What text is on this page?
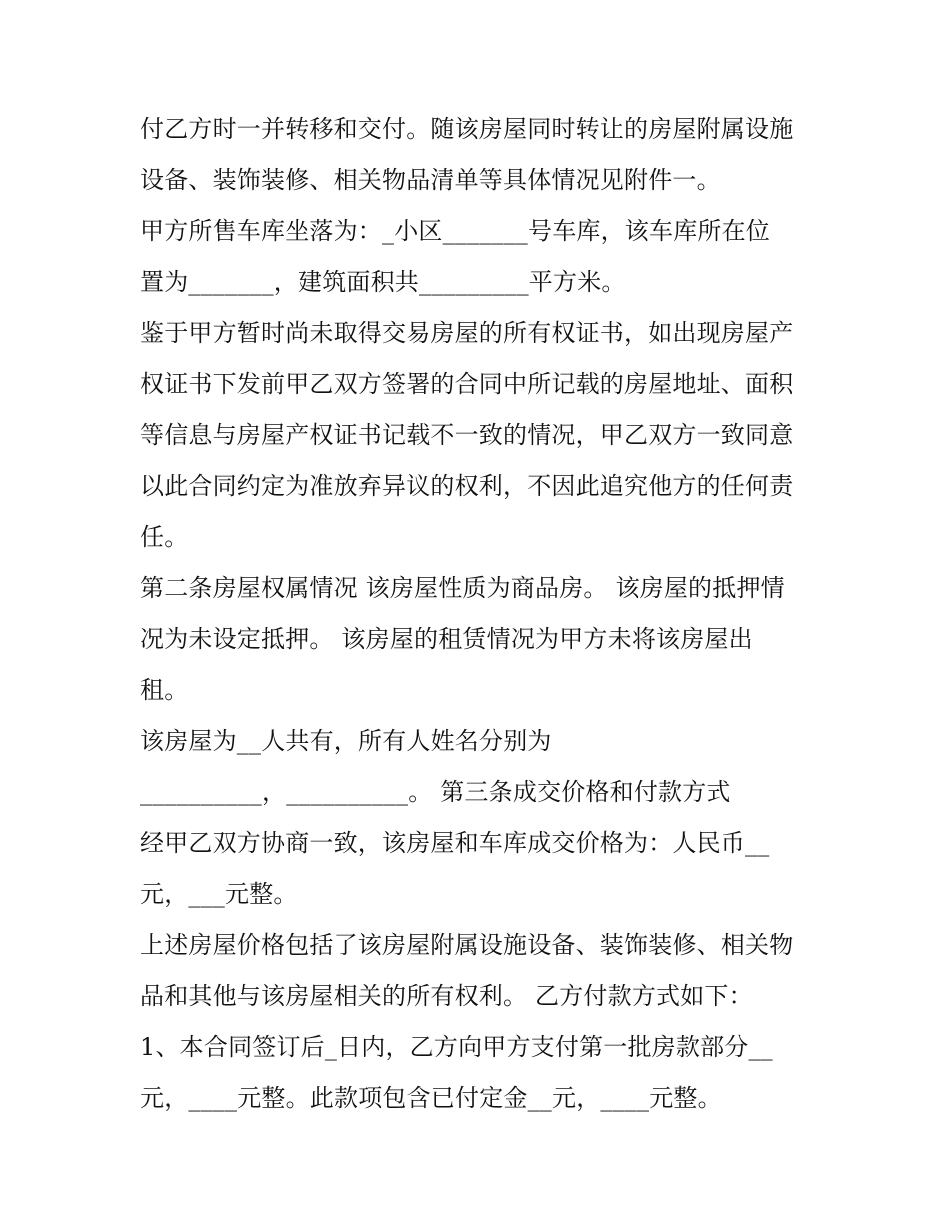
付乙方时一并转移和交付。随该房屋同时转让的房屋附属设施
设备、装饰装修、相关物品清单等具体情况见附件一。
甲方所售车库坐落为：_小区_______号车库，该车库所在位
置为_______，建筑面积共_________平方米。
鉴于甲方暂时尚未取得交易房屋的所有权证书，如出现房屋产
权证书下发前甲乙双方签署的合同中所记载的房屋地址、面积
等信息与房屋产权证书记载不一致的情况，甲乙双方一致同意
以此合同约定为准放弃异议的权利，不因此追究他方的任何责
任。
第二条房屋权属情况 该房屋性质为商品房。 该房屋的抵押情
况为未设定抵押。 该房屋的租赁情况为甲方未将该房屋出
租。
该房屋为__人共有，所有人姓名分别为
__________，__________。 第三条成交价格和付款方式
经甲乙双方协商一致，该房屋和车库成交价格为：人民币__
元，___元整。
上述房屋价格包括了该房屋附属设施设备、装饰装修、相关物
品和其他与该房屋相关的所有权利。 乙方付款方式如下：
1、本合同签订后_日内，乙方向甲方支付第一批房款部分__
元，____元整。此款项包含已付定金__元，____元整。
